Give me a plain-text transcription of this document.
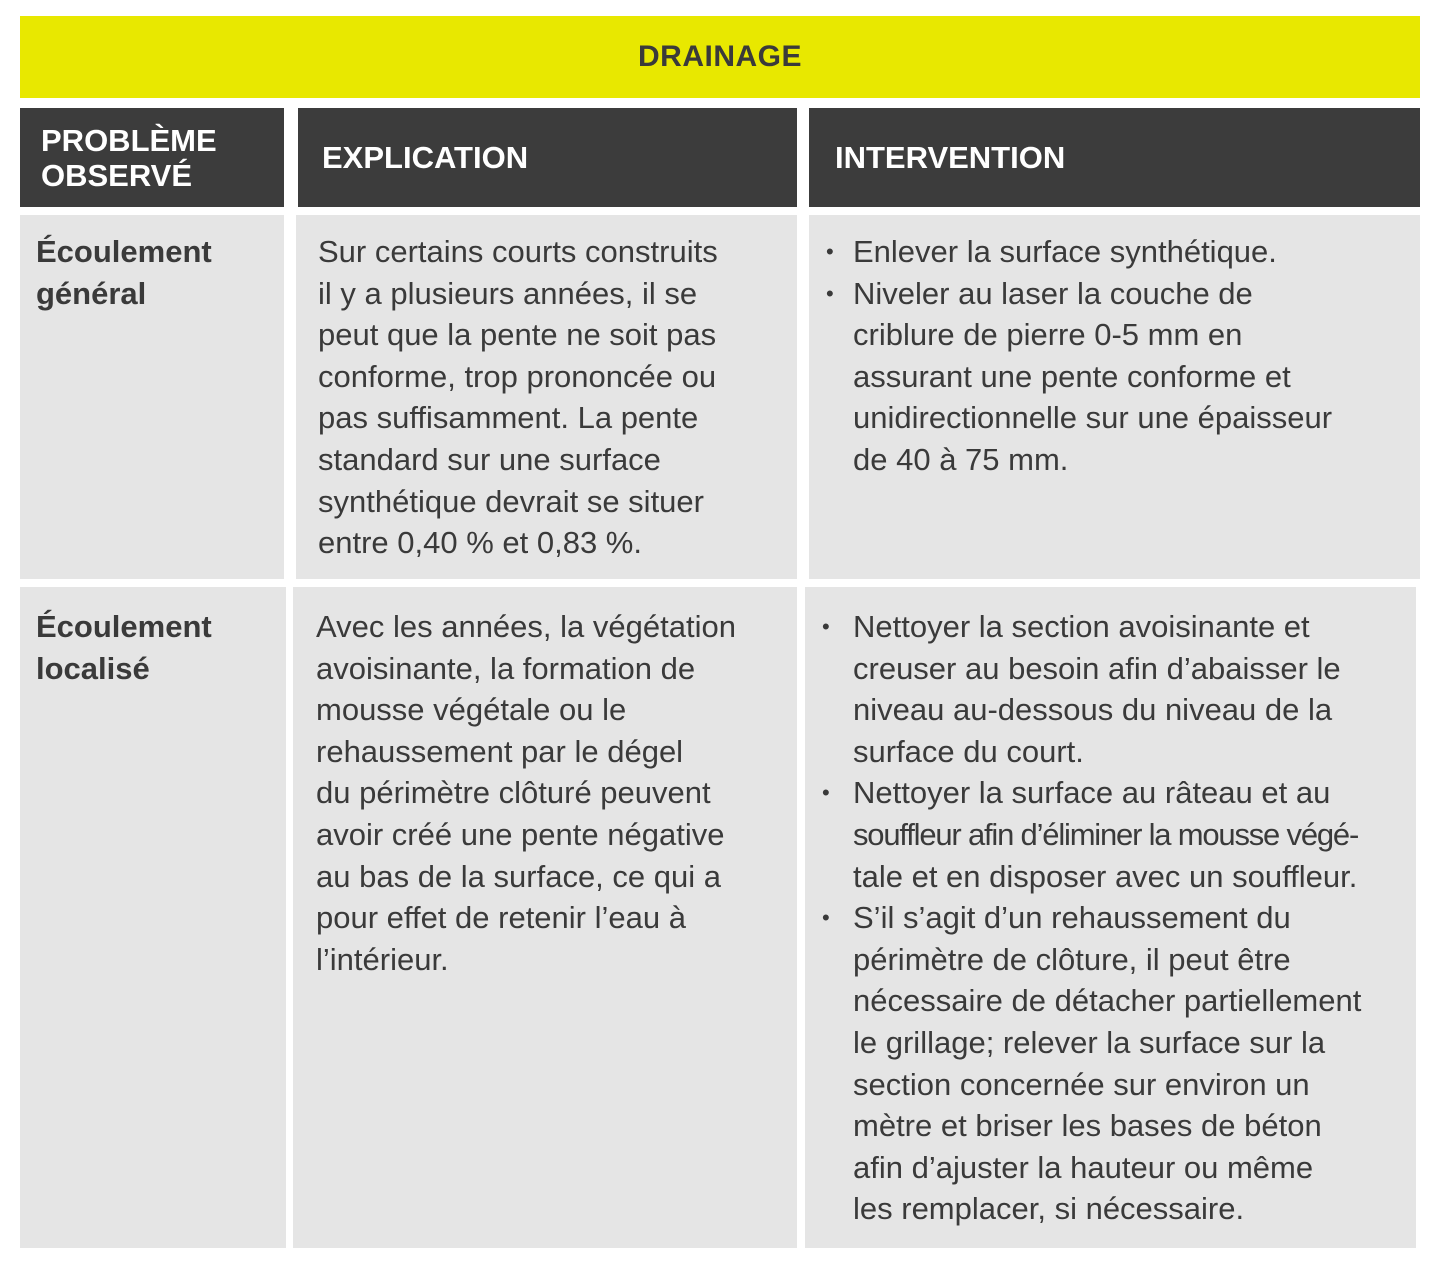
DRAINAGE
PROBLÈME
OBSERVÉ	EXPLICATION	INTERVENTION
Écoulement
général
Sur certains courts construits
il y a plusieurs années, il se
peut que la pente ne soit pas
conforme, trop prononcée ou
pas suffisamment. La pente
standard sur une surface
synthétique devrait se situer
entre 0,40 % et 0,83 %.
• Enlever la surface synthétique.
• Niveler au laser la couche de
criblure de pierre 0-5 mm en
assurant une pente conforme et
unidirectionnelle sur une épaisseur
de 40 à 75 mm.
Écoulement
localisé
Avec les années, la végétation
avoisinante, la formation de
mousse végétale ou le
rehaussement par le dégel
du périmètre clôturé peuvent
avoir créé une pente négative
au bas de la surface, ce qui a
pour effet de retenir l’eau à
l’intérieur.
• Nettoyer la section avoisinante et
creuser au besoin afin d’abaisser le
niveau au-dessous du niveau de la
surface du court.
• Nettoyer la surface au râteau et au
souffleur afin d’éliminer la mousse végé-
tale et en disposer avec un souffleur.
• S’il s’agit d’un rehaussement du
périmètre de clôture, il peut être
nécessaire de détacher partiellement
le grillage; relever la surface sur la
section concernée sur environ un
mètre et briser les bases de béton
afin d’ajuster la hauteur ou même
les remplacer, si nécessaire.
